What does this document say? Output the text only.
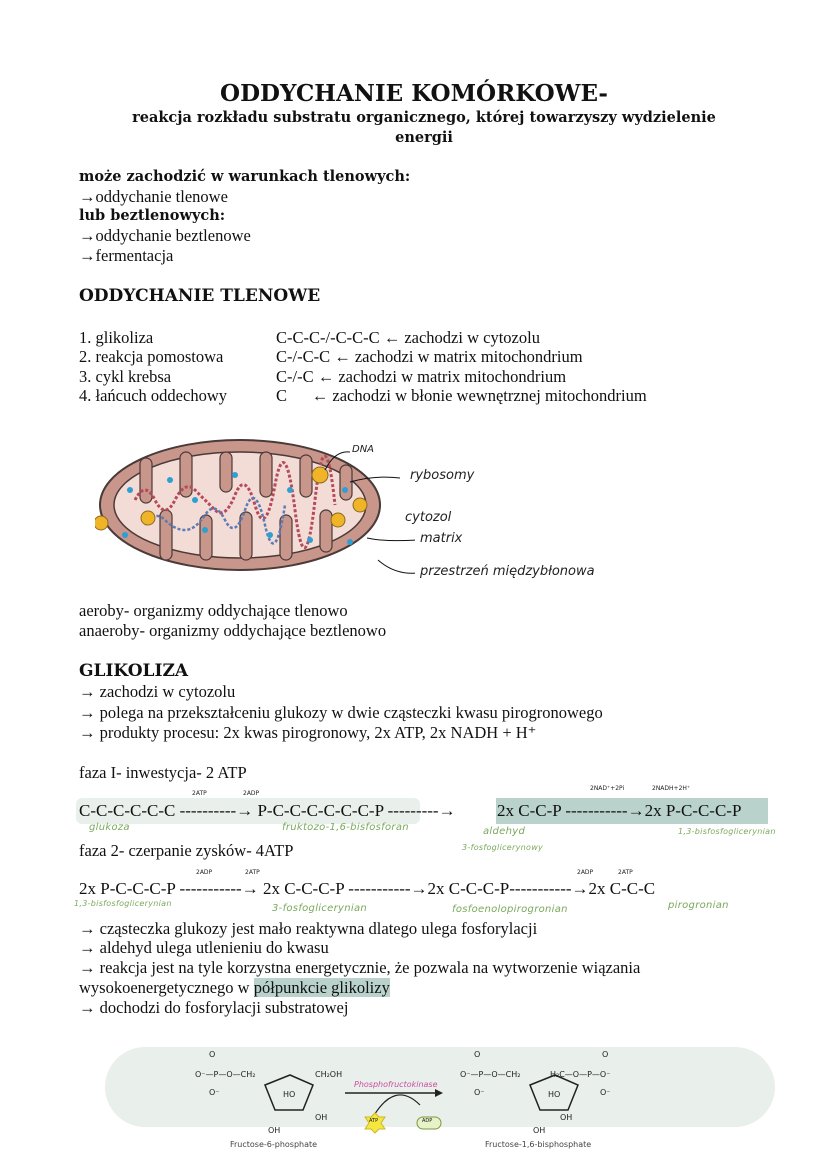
ODDYCHANIE KOMÓRKOWE-
reakcja rozkładu substratu organicznego, której towarzyszy wydzielenie
energii
może zachodzić w warunkach tlenowych:
→oddychanie tlenowe
lub beztlenowych:
→oddychanie beztlenowe
→fermentacja
ODDYCHANIE TLENOWE
1. glikoliza	C-C-C-/-C-C-C ← zachodzi w cytozolu
2. reakcja pomostowa	C-/-C-C ← zachodzi w matrix mitochondrium
3. cykl krebsa	C-/-C ← zachodzi w matrix mitochondrium
4. łańcuch oddechowy	C      ← zachodzi w błonie wewnętrznej mitochondrium
DNA
rybosomy
cytozol
matrix
przestrzeń międzybłonowa
aeroby- organizmy oddychające tlenowo
anaeroby- organizmy oddychające beztlenowo
GLIKOLIZA
→ zachodzi w cytozolu
→ polega na przekształceniu glukozy w dwie cząsteczki kwasu pirogronowego
→ produkty procesu: 2x kwas pirogronowy, 2x ATP, 2x NADH + H⁺
faza I- inwestycja- 2 ATP
C-C-C-C-C-C ----------→ P-C-C-C-C-C-C-P ---------→ 2x C-C-P -----------→2x P-C-C-C-P
2ATP	2ADP
2NAD⁺+2Pi	2NADH+2H⁺
glukoza	fruktozo-1,6-bisfosforan	aldehyd
3-fosfoglicerynowy
1,3-bisfosfoglicerynian
faza 2- czerpanie zysków- 4ATP
2x P-C-C-C-P -----------→ 2x C-C-C-P -----------→2x C-C-C-P-----------→2x C-C-C
2ADP	2ATP	2ADP	2ATP
1,3-bisfosfoglicerynian	3-fosfoglicerynian	fosfoenolopirogronian	pirogronian
→ cząsteczka glukozy jest mało reaktywna dlatego ulega fosforylacji
→ aldehyd ulega utlenieniu do kwasu
→ reakcja jest na tyle korzystna energetycznie, że pozwala na wytworzenie wiązania
wysokoenergetycznego w półpunkcie glikolizy
→ dochodzi do fosforylacji substratowej
O⁻—P—O—CH₂
O
O⁻
CH₂OH
HO
OH
OH
O⁻—P—O—CH₂
O
O⁻
H₂C—O—P—O⁻
O
O⁻
HO
OH
OH
Phosphofructokinase
ATP	ADP
Fructose-6-phosphate	Fructose-1,6-bisphosphate
